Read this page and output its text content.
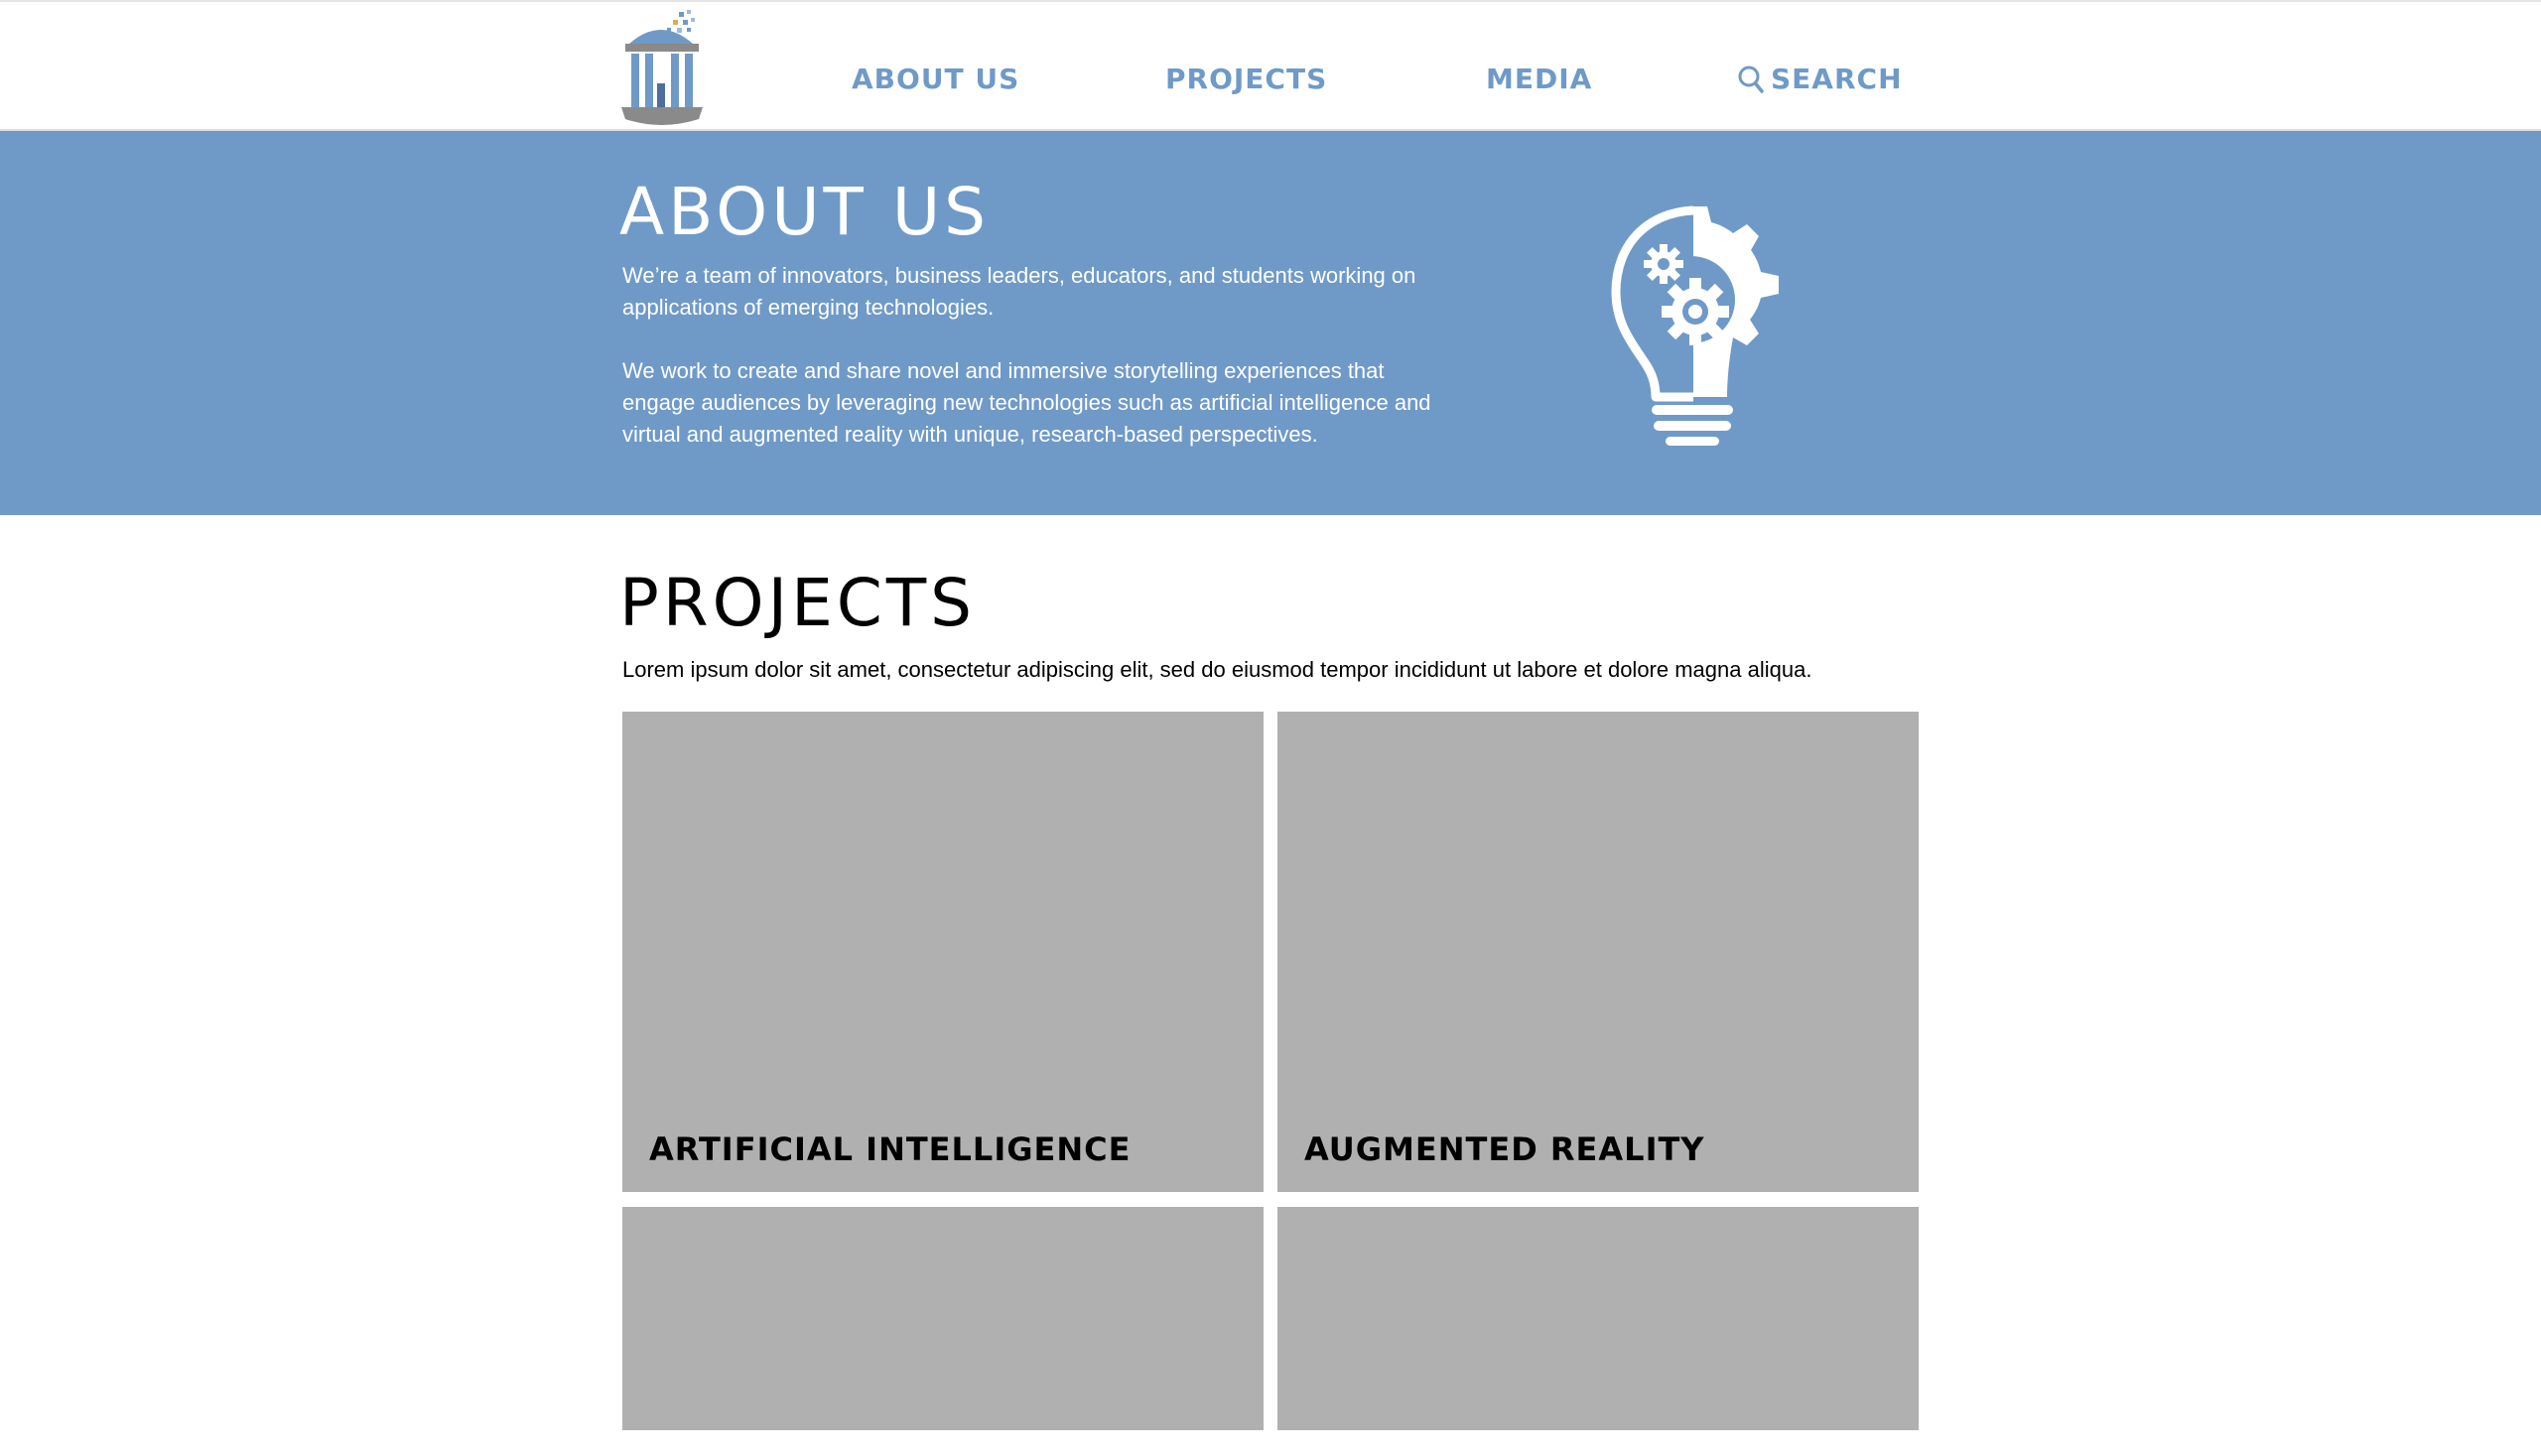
ABOUT US	PROJECTS	MEDIA	SEARCH
ABOUT US
We’re a team of innovators, business leaders, educators, and students working on applications of emerging technologies.
We work to create and share novel and immersive storytelling experiences that engage audiences by leveraging new technologies such as artificial intelligence and virtual and augmented reality with unique, research-based perspectives.
PROJECTS
Lorem ipsum dolor sit amet, consectetur adipiscing elit, sed do eiusmod tempor incididunt ut labore et dolore magna aliqua.
ARTIFICIAL INTELLIGENCE	AUGMENTED REALITY
